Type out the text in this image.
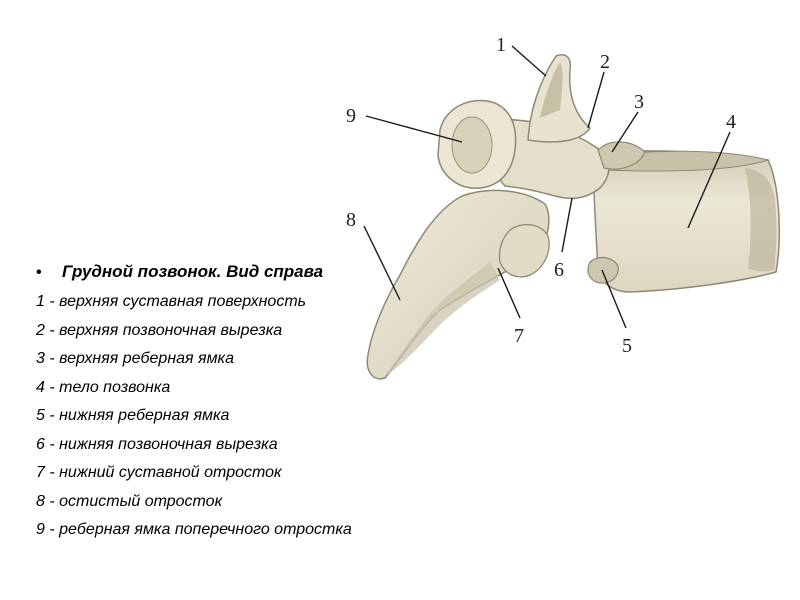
1
2
3
4
5
6
7
8
9
•	Грудной позвонок. Вид справа
1 - верхняя суставная поверхность
2 - верхняя позвоночная вырезка
3 - верхняя реберная ямка
4 - тело позвонка
5 - нижняя реберная ямка
6 - нижняя позвоночная вырезка
7 - нижний суставной отросток
8 - остистый отросток
9 - реберная ямка поперечного отростка
